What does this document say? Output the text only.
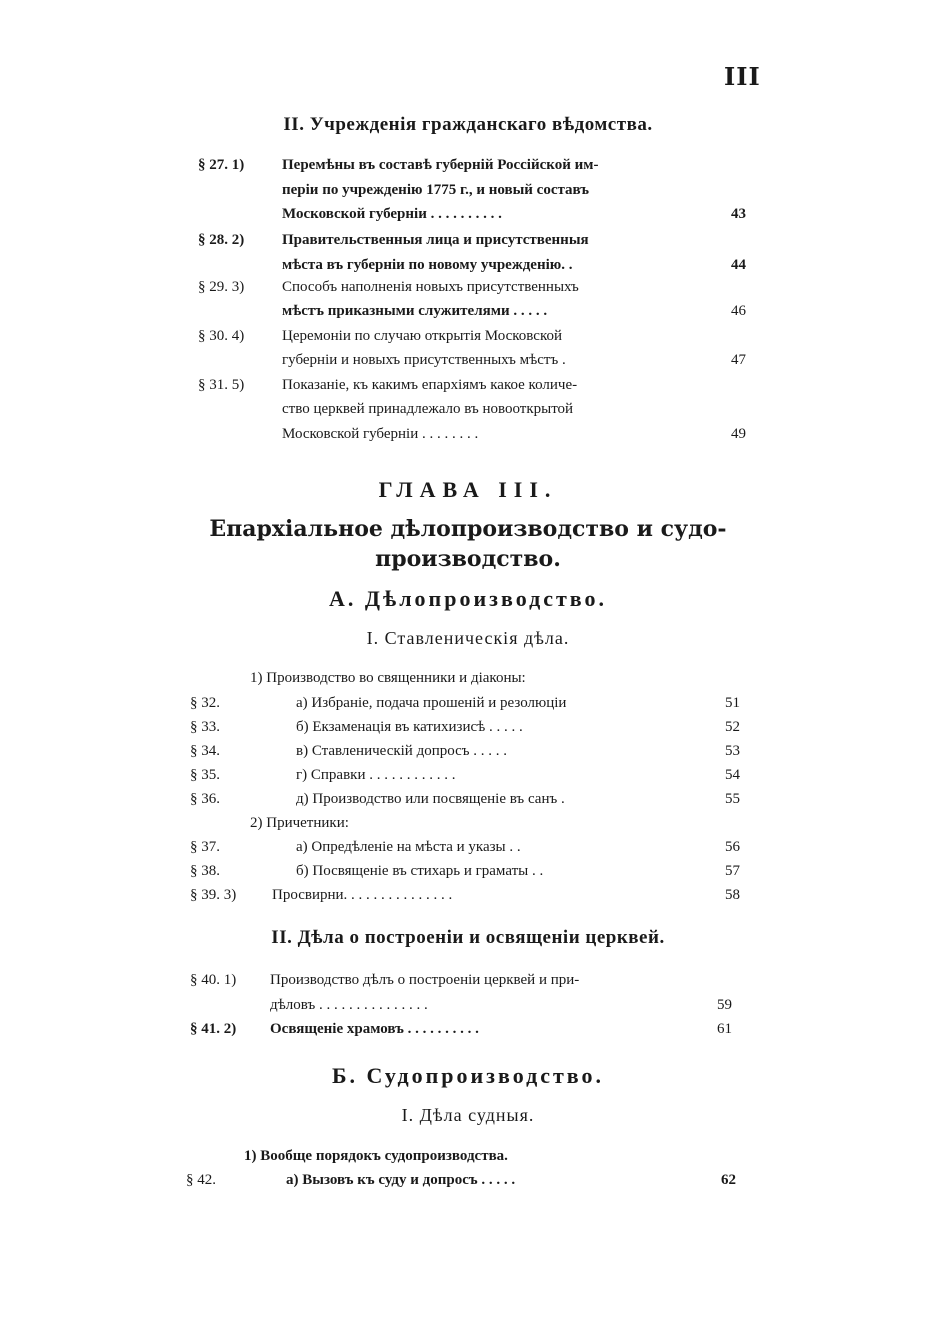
III
II. Учрежденія гражданскаго вѣдомства.
§ 27. 1)	Перемѣны въ составѣ губерній Россійской им-
періи по учрежденію 1775 г., и новый составъ
Московской губерніи . . . . . . . . . .	43
§ 28. 2)	Правительственныя лица и присутственныя
мѣста въ губерніи по новому учрежденію. .	44
§ 29. 3)	Способъ наполненія новыхъ присутственныхъ
мѣстъ приказными служителями . . . . .	46
§ 30. 4)	Церемоніи по случаю открытія Московской
губерніи и новыхъ присутственныхъ мѣстъ .	47
§ 31. 5)	Показаніе, къ какимъ епархіямъ какое количе-
ство церквей принадлежало въ новооткрытой
Московской губерніи . . . . . . . .	49
ГЛАВА III.
Епархіальное дѣлопроизводство и судо-
производство.
А. Дѣлопроизводство.
I. Ставленическія дѣла.
1) Производство во священники и діаконы:
§ 32.	а) Избраніе, подача прошеній и резолюціи	51
§ 33.	б) Екзаменація въ катихизисѣ . . . . .	52
§ 34.	в) Ставленическій допросъ . . . . .	53
§ 35.	г) Справки . . . . . . . . . . . .	54
§ 36.	д) Производство или посвященіе въ санъ .	55
2) Причетники:
§ 37.	а) Опредѣленіе на мѣста и указы . .	56
§ 38.	б) Посвященіе въ стихарь и граматы . .	57
§ 39. 3) Просвирни. . . . . . . . . . . . . . .	58
II. Дѣла о построеніи и освященіи церквей.
§ 40. 1) Производство дѣлъ о построеніи церквей и при-
дѣловъ . . . . . . . . . . . . . . .	59
§ 41. 2) Освященіе храмовъ . . . . . . . . . .	61
Б. Судопроизводство.
I. Дѣла судныя.
1) Вообще порядокъ судопроизводства.
§ 42.	а) Вызовъ къ суду и допросъ . . . . .	62
